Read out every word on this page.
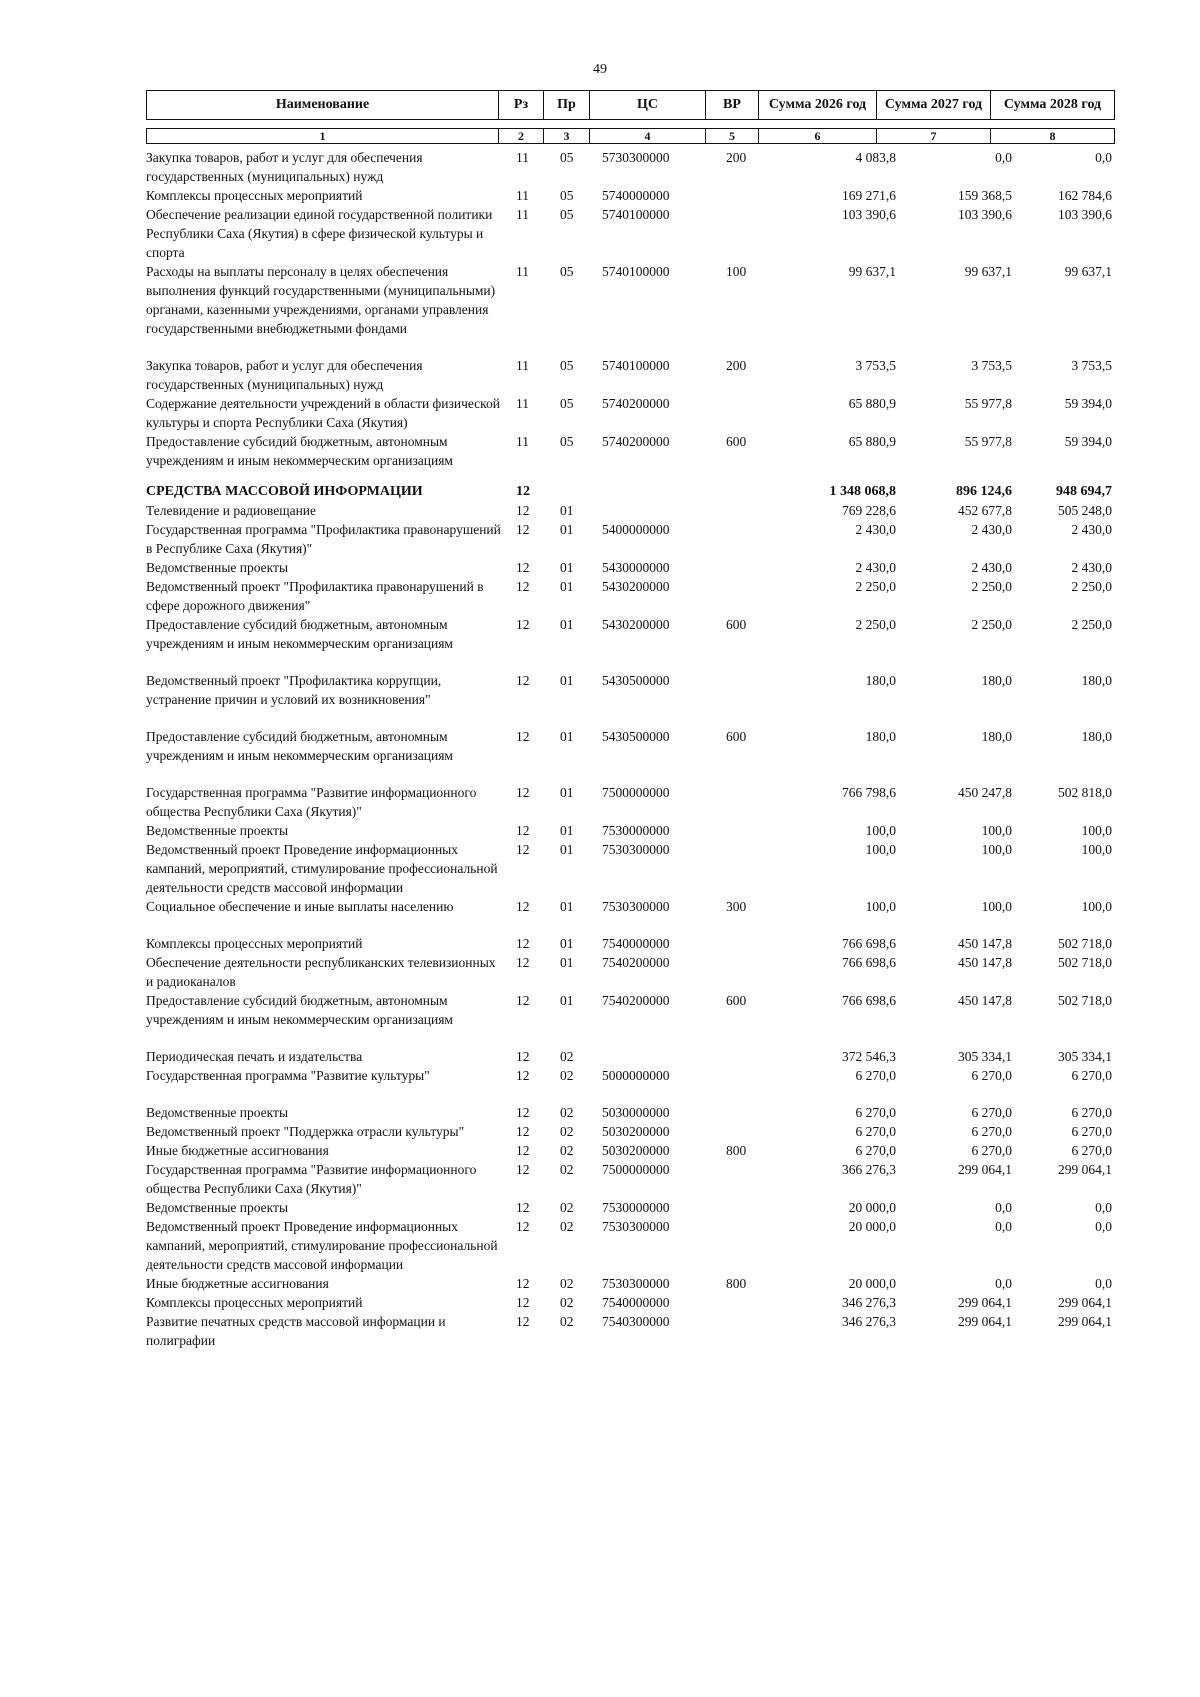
49
Наименование	Рз	Пр	ЦС	ВР	Сумма 2026 год	Сумма 2027 год	Сумма 2028 год

1	2	3	4	5	6	7	8
Закупка товаров, работ и услуг для обеспечения государственных (муниципальных) нужд	11	05	5730300000	200	4 083,8	0,0	0,0
Комплексы процессных мероприятий	11	05	5740000000		169 271,6	159 368,5	162 784,6
Обеспечение реализации единой государственной политики Республики Саха (Якутия) в сфере физической культуры и спорта	11	05	5740100000		103 390,6	103 390,6	103 390,6
Расходы на выплаты персоналу в целях обеспечения выполнения функций государственными (муниципальными) органами, казенными учреждениями, органами управления государственными внебюджетными фондами	11	05	5740100000	100	99 637,1	99 637,1	99 637,1

Закупка товаров, работ и услуг для обеспечения государственных (муниципальных) нужд	11	05	5740100000	200	3 753,5	3 753,5	3 753,5
Содержание деятельности учреждений в области физической культуры и спорта Республики Саха (Якутия)	11	05	5740200000		65 880,9	55 977,8	59 394,0
Предоставление субсидий бюджетным, автономным учреждениям и иным некоммерческим организациям	11	05	5740200000	600	65 880,9	55 977,8	59 394,0
СРЕДСТВА МАССОВОЙ ИНФОРМАЦИИ	12				1 348 068,8	896 124,6	948 694,7
Телевидение и радиовещание	12	01			769 228,6	452 677,8	505 248,0
Государственная программа "Профилактика правонарушений в Республике Саха (Якутия)"	12	01	5400000000		2 430,0	2 430,0	2 430,0
Ведомственные проекты	12	01	5430000000		2 430,0	2 430,0	2 430,0
Ведомственный проект "Профилактика правонарушений в сфере дорожного движения"	12	01	5430200000		2 250,0	2 250,0	2 250,0
Предоставление субсидий бюджетным, автономным учреждениям и иным некоммерческим организациям	12	01	5430200000	600	2 250,0	2 250,0	2 250,0

Ведомственный проект "Профилактика коррупции, устранение причин и условий их возникновения"	12	01	5430500000		180,0	180,0	180,0

Предоставление субсидий бюджетным, автономным учреждениям и иным некоммерческим организациям	12	01	5430500000	600	180,0	180,0	180,0

Государственная программа "Развитие информационного общества Республики Саха (Якутия)"	12	01	7500000000		766 798,6	450 247,8	502 818,0
Ведомственные проекты	12	01	7530000000		100,0	100,0	100,0
Ведомственный проект Проведение информационных кампаний, мероприятий, стимулирование профессиональной деятельности средств массовой информации	12	01	7530300000		100,0	100,0	100,0
Социальное обеспечение и иные выплаты населению	12	01	7530300000	300	100,0	100,0	100,0

Комплексы процессных мероприятий	12	01	7540000000		766 698,6	450 147,8	502 718,0
Обеспечение деятельности республиканских телевизионных и радиоканалов	12	01	7540200000		766 698,6	450 147,8	502 718,0
Предоставление субсидий бюджетным, автономным учреждениям и иным некоммерческим организациям	12	01	7540200000	600	766 698,6	450 147,8	502 718,0

Периодическая печать и издательства	12	02			372 546,3	305 334,1	305 334,1
Государственная программа "Развитие культуры"	12	02	5000000000		6 270,0	6 270,0	6 270,0

Ведомственные проекты	12	02	5030000000		6 270,0	6 270,0	6 270,0
Ведомственный проект "Поддержка отрасли культуры"	12	02	5030200000		6 270,0	6 270,0	6 270,0
Иные бюджетные ассигнования	12	02	5030200000	800	6 270,0	6 270,0	6 270,0
Государственная программа "Развитие информационного общества Республики Саха (Якутия)"	12	02	7500000000		366 276,3	299 064,1	299 064,1
Ведомственные проекты	12	02	7530000000		20 000,0	0,0	0,0
Ведомственный проект Проведение информационных кампаний, мероприятий, стимулирование профессиональной деятельности средств массовой информации	12	02	7530300000		20 000,0	0,0	0,0
Иные бюджетные ассигнования	12	02	7530300000	800	20 000,0	0,0	0,0
Комплексы процессных мероприятий	12	02	7540000000		346 276,3	299 064,1	299 064,1
Развитие печатных средств массовой информации и полиграфии	12	02	7540300000		346 276,3	299 064,1	299 064,1
